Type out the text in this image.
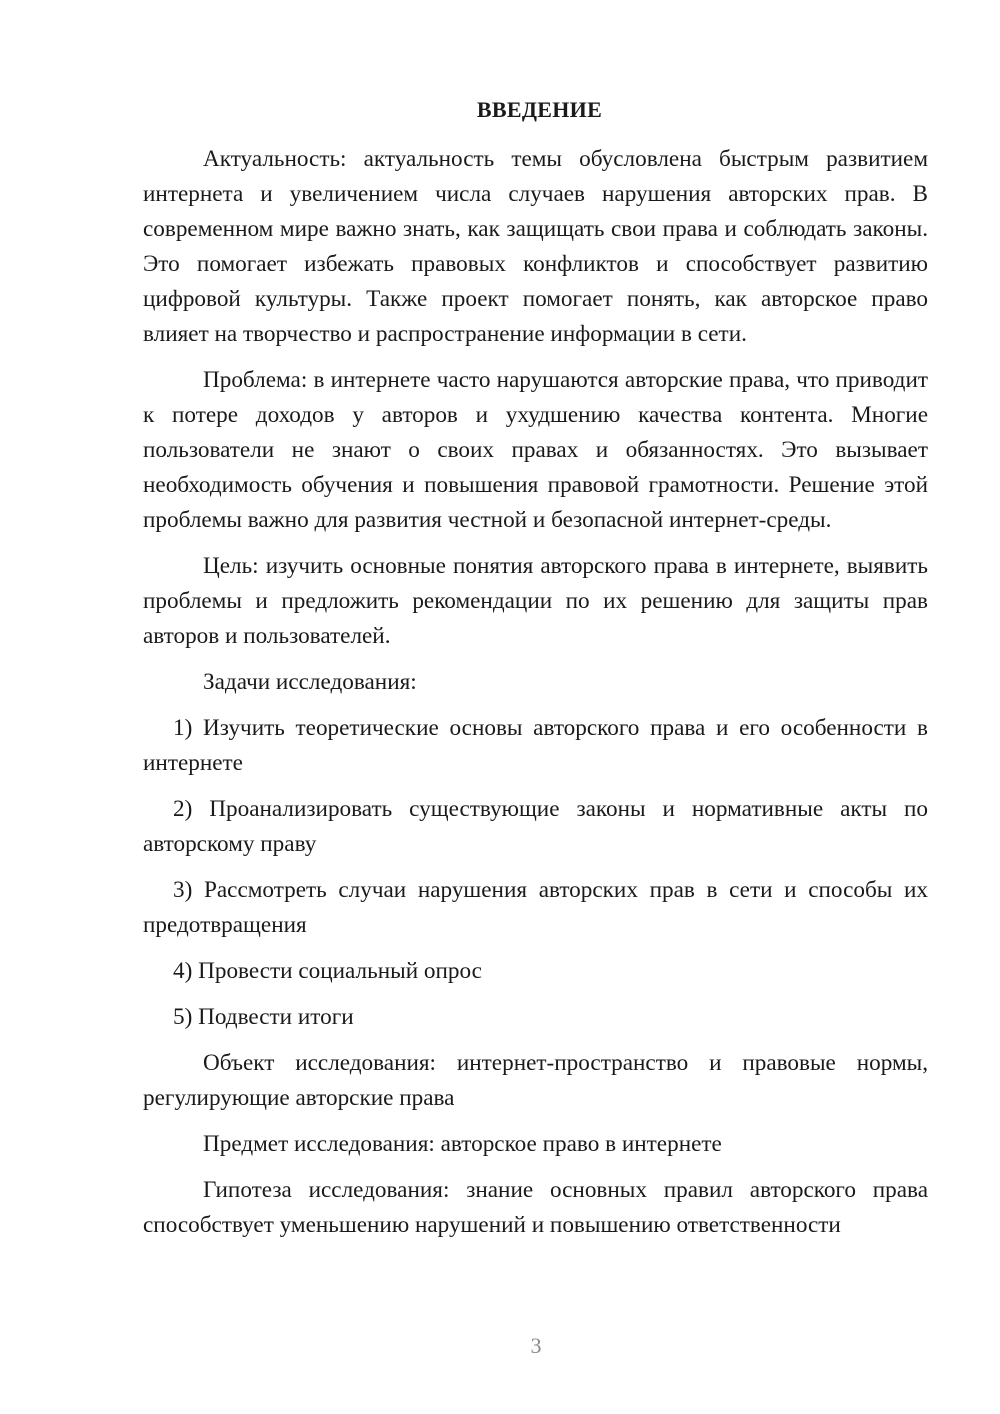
ВВЕДЕНИЕ

Актуальность: актуальность темы обусловлена быстрым развитием интернета и увеличением числа случаев нарушения авторских прав. В современном мире важно знать, как защищать свои права и соблюдать законы. Это помогает избежать правовых конфликтов и способствует развитию цифровой культуры. Также проект помогает понять, как авторское право влияет на творчество и распространение информации в сети.

Проблема: в интернете часто нарушаются авторские права, что приводит к потере доходов у авторов и ухудшению качества контента. Многие пользователи не знают о своих правах и обязанностях. Это вызывает необходимость обучения и повышения правовой грамотности. Решение этой проблемы важно для развития честной и безопасной интернет-среды.

Цель: изучить основные понятия авторского права в интернете, выявить проблемы и предложить рекомендации по их решению для защиты прав авторов и пользователей.

Задачи исследования:

1) Изучить теоретические основы авторского права и его особенности в интернете

2) Проанализировать существующие законы и нормативные акты по авторскому праву

3) Рассмотреть случаи нарушения авторских прав в сети и способы их предотвращения

4) Провести социальный опрос

5) Подвести итоги

Объект исследования: интернет-пространство и правовые нормы, регулирующие авторские права

Предмет исследования: авторское право в интернете

Гипотеза исследования: знание основных правил авторского права способствует уменьшению нарушений и повышению ответственности

3
